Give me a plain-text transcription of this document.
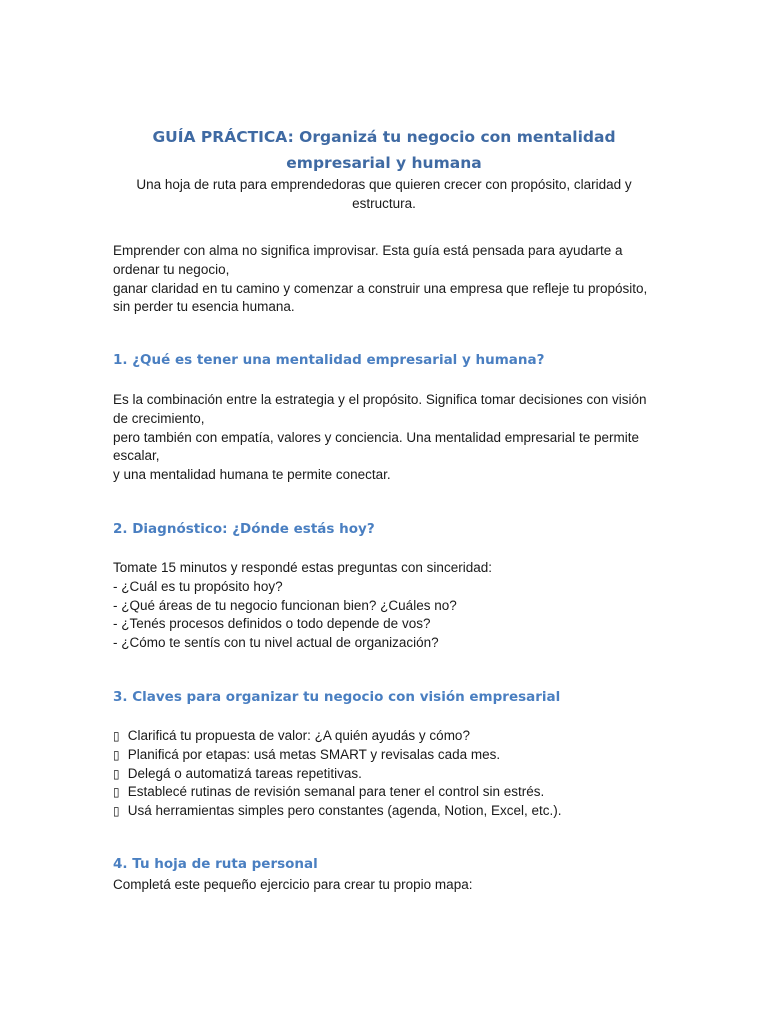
GUÍA PRÁCTICA: Organizá tu negocio con mentalidad empresarial y humana

Una hoja de ruta para emprendedoras que quieren crecer con propósito, claridad y estructura.

Emprender con alma no significa improvisar. Esta guía está pensada para ayudarte a ordenar tu negocio,

ganar claridad en tu camino y comenzar a construir una empresa que refleje tu propósito, sin perder tu esencia humana.

1. ¿Qué es tener una mentalidad empresarial y humana?

Es la combinación entre la estrategia y el propósito. Significa tomar decisiones con visión de crecimiento,

pero también con empatía, valores y conciencia. Una mentalidad empresarial te permite escalar,

y una mentalidad humana te permite conectar.

2. Diagnóstico: ¿Dónde estás hoy?

Tomate 15 minutos y respondé estas preguntas con sinceridad:

- ¿Cuál es tu propósito hoy?

- ¿Qué áreas de tu negocio funcionan bien? ¿Cuáles no?

- ¿Tenés procesos definidos o todo depende de vos?

- ¿Cómo te sentís con tu nivel actual de organización?

3. Claves para organizar tu negocio con visión empresarial

▯ Clarificá tu propuesta de valor: ¿A quién ayudás y cómo?

▯ Planificá por etapas: usá metas SMART y revisalas cada mes.

▯ Delegá o automatizá tareas repetitivas.

▯ Establecé rutinas de revisión semanal para tener el control sin estrés.

▯ Usá herramientas simples pero constantes (agenda, Notion, Excel, etc.).

4. Tu hoja de ruta personal

Completá este pequeño ejercicio para crear tu propio mapa:
